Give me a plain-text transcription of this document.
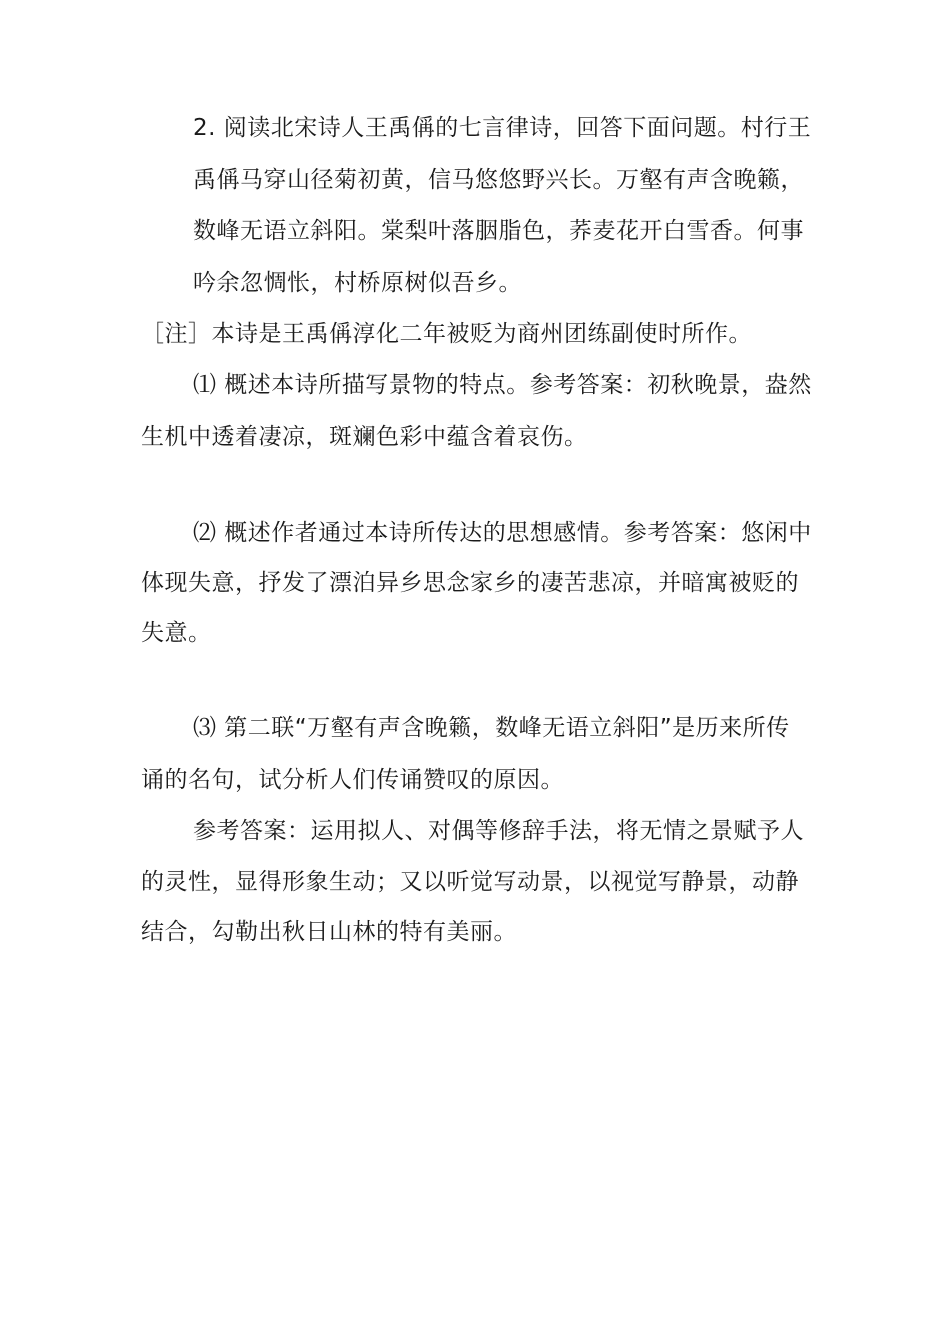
2. 阅读北宋诗人王禹偁的七言律诗，回答下面问题。村行王
禹偁马穿山径菊初黄，信马悠悠野兴长。万壑有声含晚籁，
数峰无语立斜阳。棠梨叶落胭脂色，荞麦花开白雪香。何事
吟余忽惆怅，村桥原树似吾乡。
［注］本诗是王禹偁淳化二年被贬为商州团练副使时所作。
⑴ 概述本诗所描写景物的特点。参考答案：初秋晚景，盎然
生机中透着凄凉，斑斓色彩中蕴含着哀伤。
⑵ 概述作者通过本诗所传达的思想感情。参考答案：悠闲中
体现失意，抒发了漂泊异乡思念家乡的凄苦悲凉，并暗寓被贬的
失意。
⑶ 第二联“万壑有声含晚籁，数峰无语立斜阳”是历来所传
诵的名句，试分析人们传诵赞叹的原因。
参考答案：运用拟人、对偶等修辞手法，将无情之景赋予人
的灵性，显得形象生动；又以听觉写动景，以视觉写静景，动静
结合，勾勒出秋日山林的特有美丽。
